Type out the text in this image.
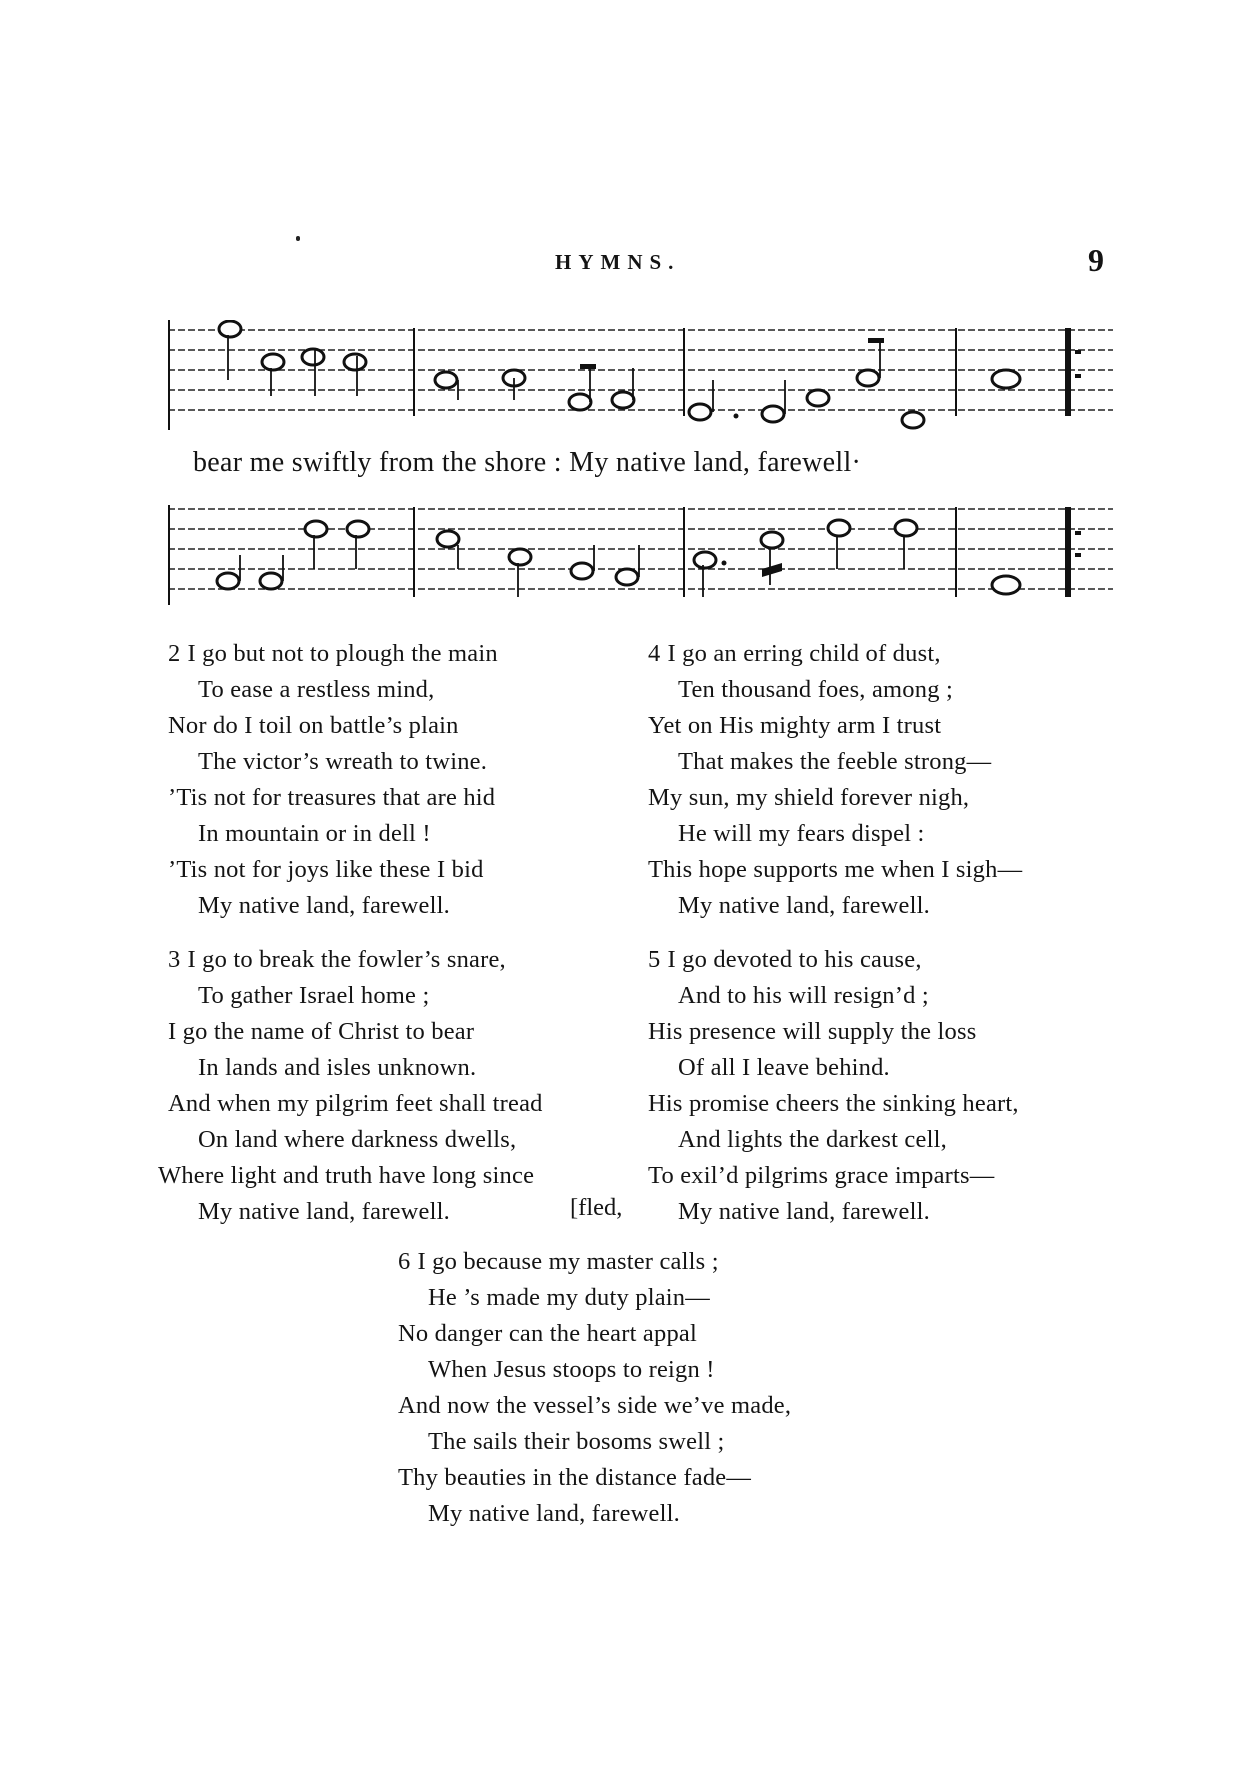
HYMNS.	9
bear me swiftly from the shore : My native land, farewell·
2 I go but not to plough the main
To ease a restless mind,
Nor do I toil on battle’s plain
The victor’s wreath to twine.
’Tis not for treasures that are hid
In mountain or in dell !
’Tis not for joys like these I bid
My native land, farewell.
4 I go an erring child of dust,
Ten thousand foes, among ;
Yet on His mighty arm I trust
That makes the feeble strong—
My sun, my shield forever nigh,
He will my fears dispel :
This hope supports me when I sigh—
My native land, farewell.
3 I go to break the fowler’s snare,
To gather Israel home ;
I go the name of Christ to bear
In lands and isles unknown.
And when my pilgrim feet shall tread
On land where darkness dwells,
Where light and truth have long since
My native land, farewell.	[fled,
5 I go devoted to his cause,
And to his will resign’d ;
His presence will supply the loss
Of all I leave behind.
His promise cheers the sinking heart,
And lights the darkest cell,
To exil’d pilgrims grace imparts—
My native land, farewell.
6 I go because my master calls ;
He ’s made my duty plain—
No danger can the heart appal
When Jesus stoops to reign !
And now the vessel’s side we’ve made,
The sails their bosoms swell ;
Thy beauties in the distance fade—
My native land, farewell.
